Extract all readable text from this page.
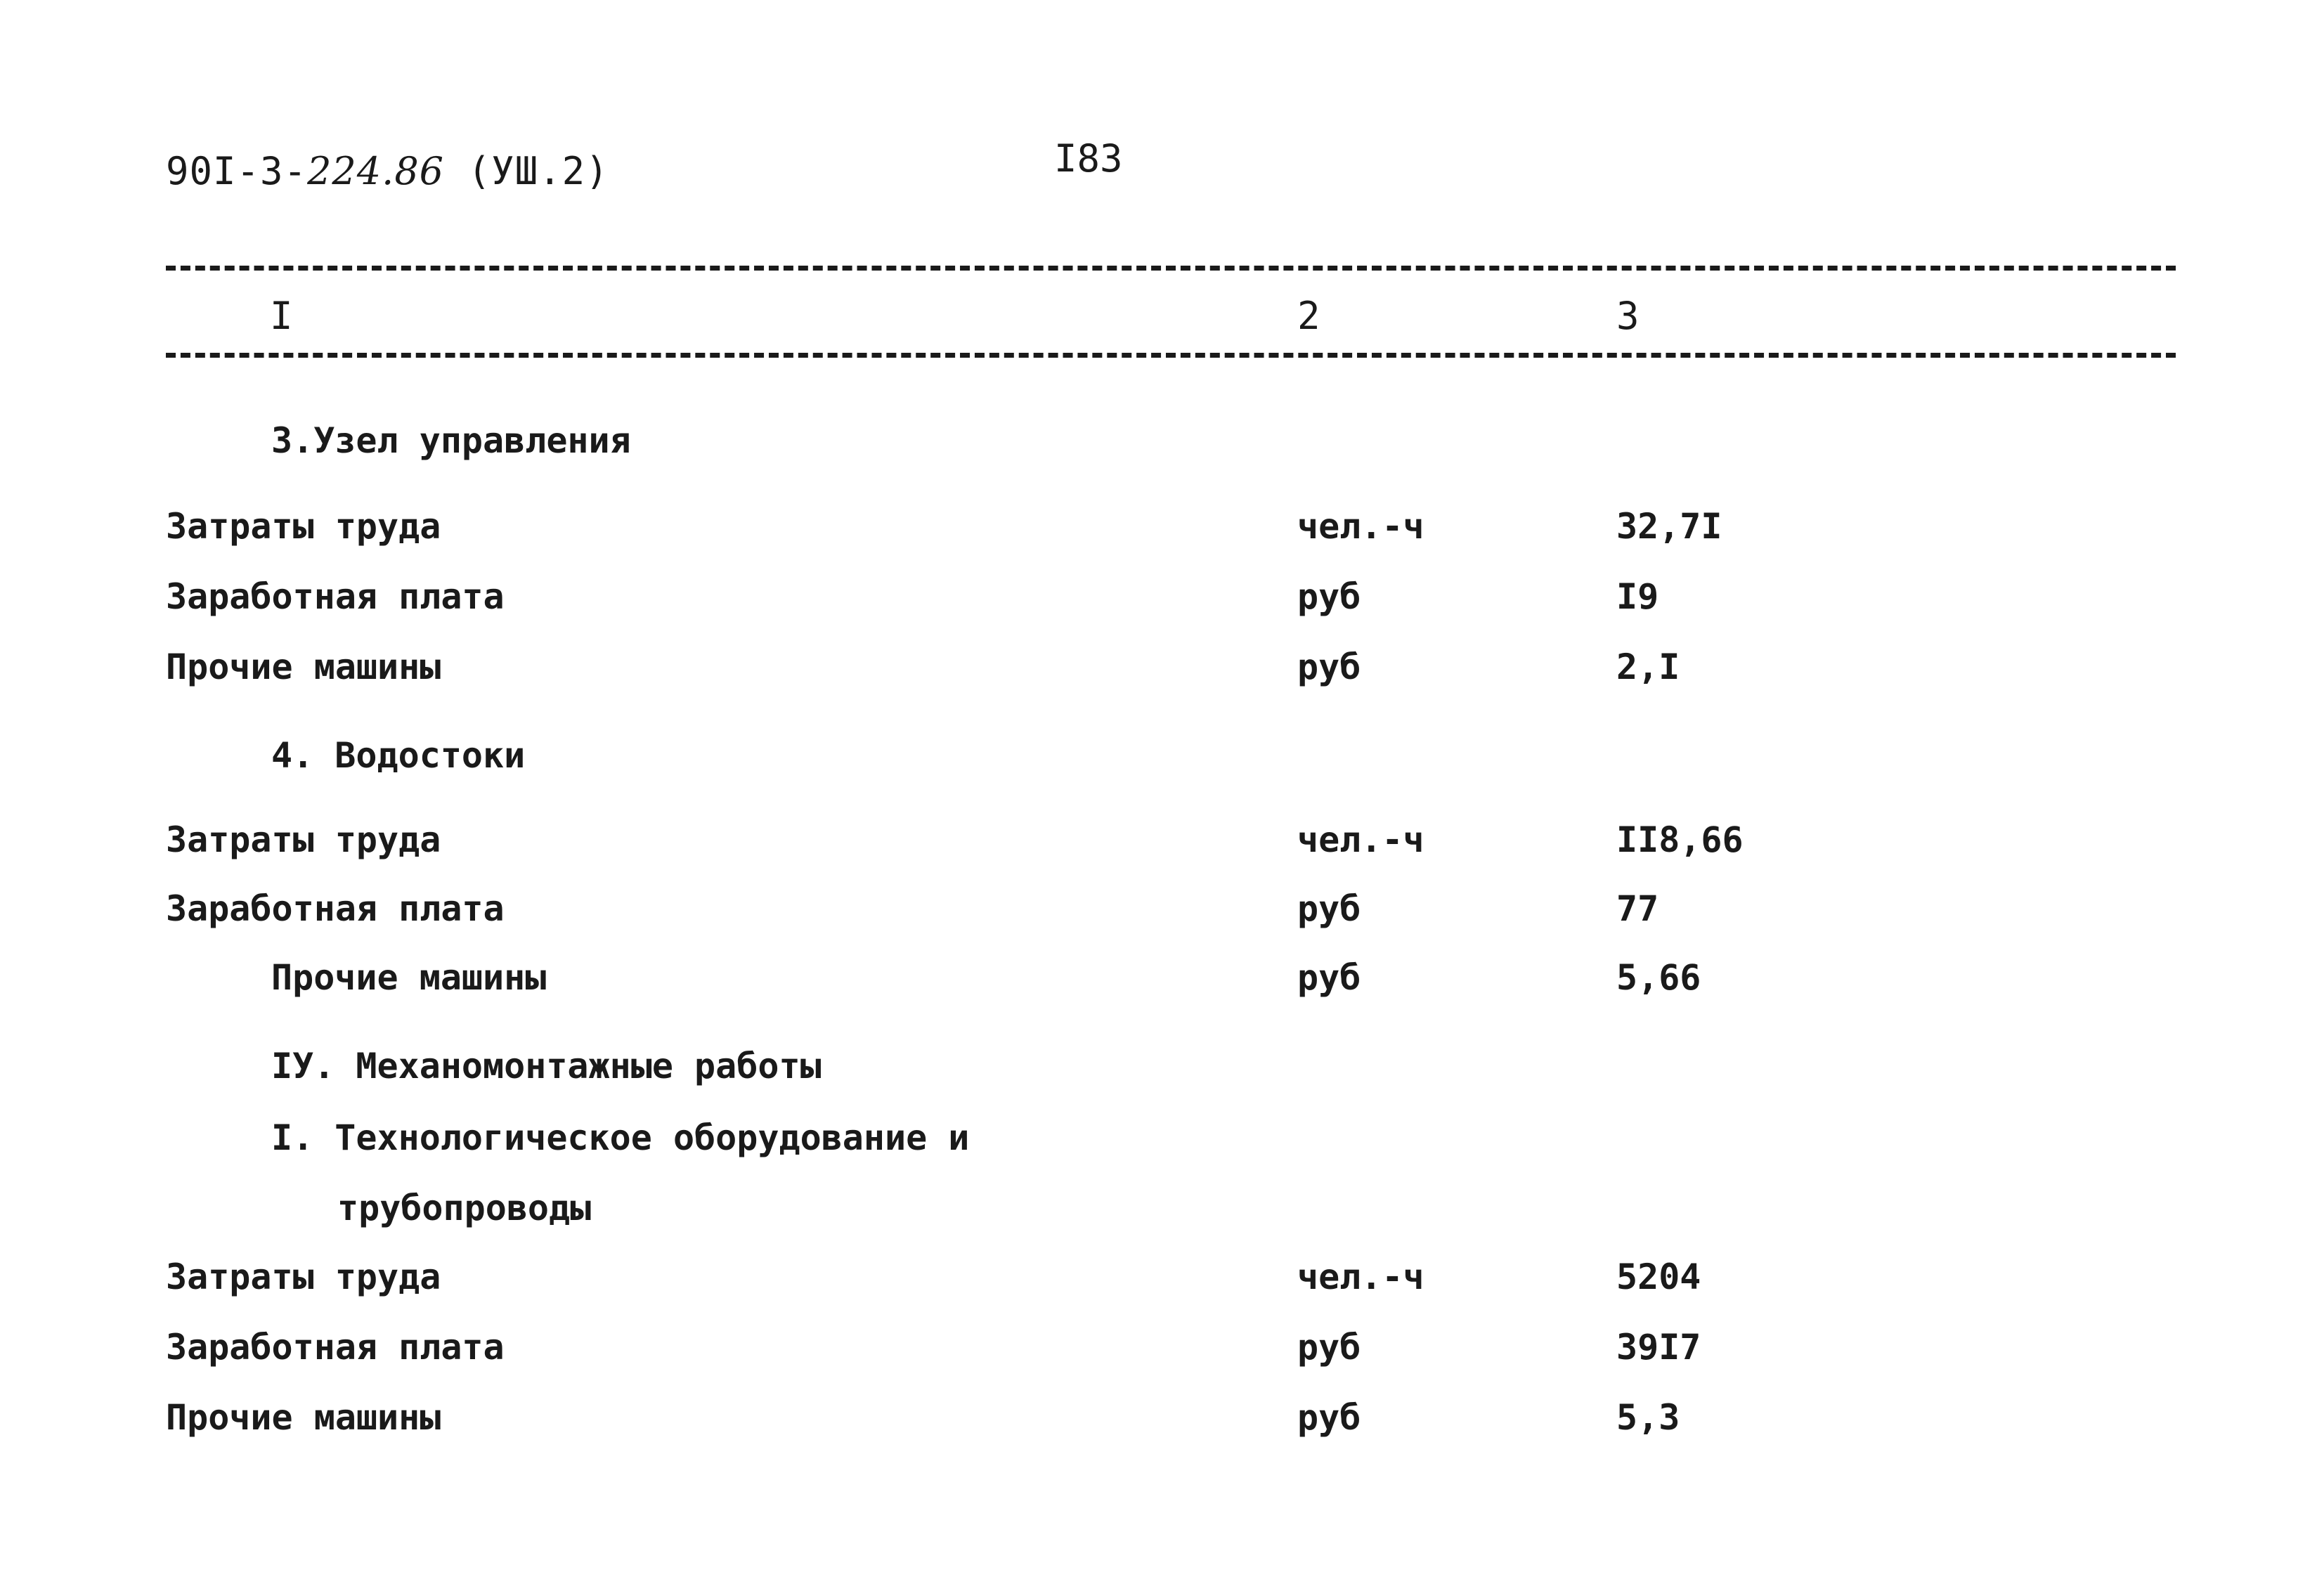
90I-3-224.86 (УШ.2)	I83
I	2	3
3.Узел управления
Затраты труда	чел.-ч	32,7I
Заработная плата	руб	I9
Прочие машины	руб	2,I
4. Водостоки
Затраты труда	чел.-ч	II8,66
Заработная плата	руб	77
Прочие машины	руб	5,66
IУ. Механомонтажные работы
I. Технологическое оборудование и
трубопроводы
Затраты труда	чел.-ч	5204
Заработная плата	руб	39I7
Прочие машины	руб	5,3
